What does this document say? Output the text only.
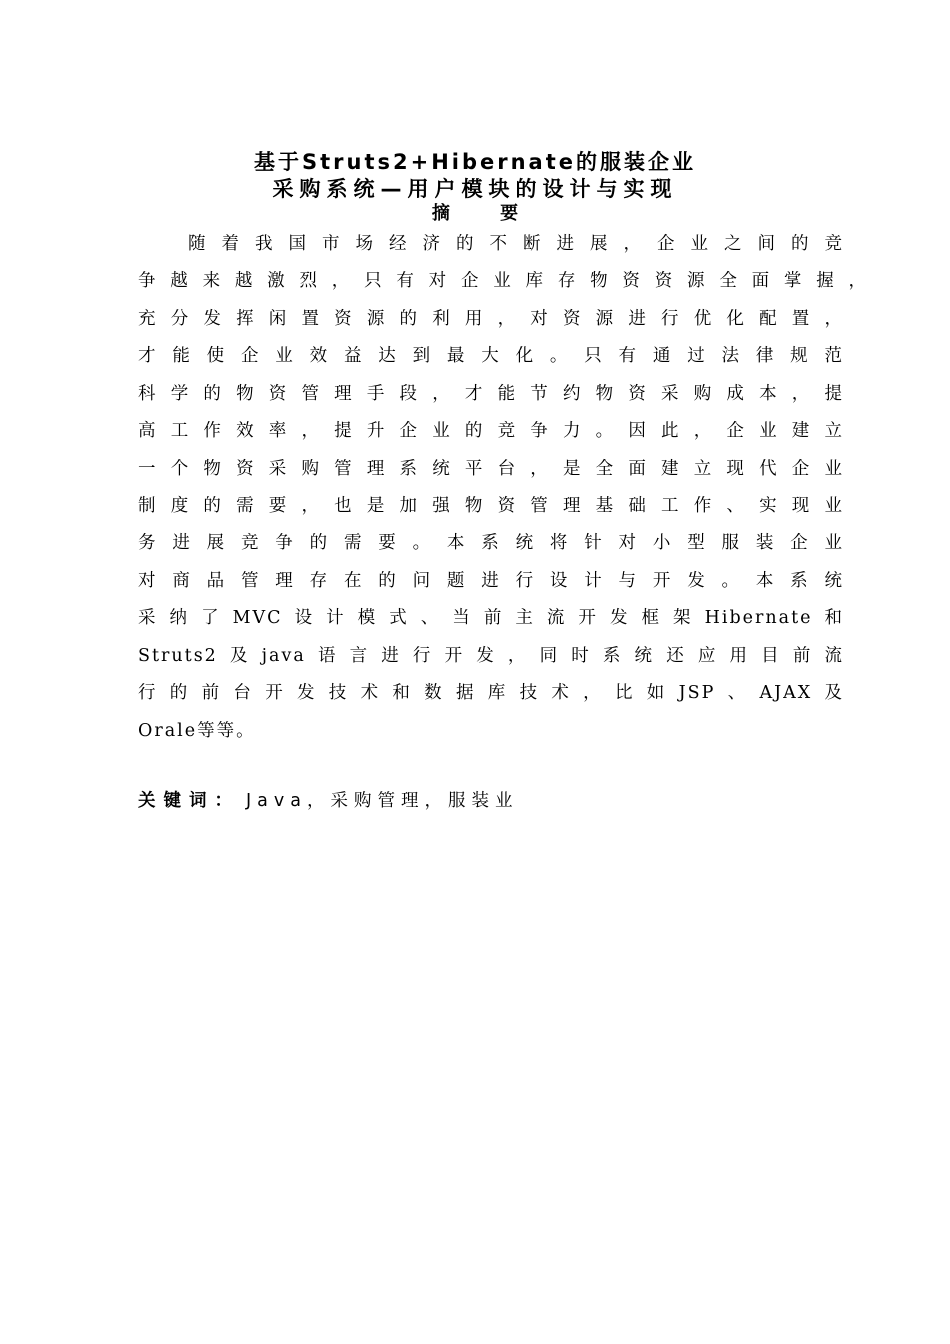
基于Struts2+Hibernate的服装企业
采购系统—用户模块的设计与实现
摘 要
随着我国市场经济的不断进展，企业之间的竞
争越来越激烈，只有对企业库存物资资源全面掌握，
充分发挥闲置资源的利用，对资源进行优化配置，
才能使企业效益达到最大化。只有通过法律规范
科学的物资管理手段，才能节约物资采购成本，提
高工作效率，提升企业的竞争力。因此，企业建立
一个物资采购管理系统平台，是全面建立现代企业
制度的需要，也是加强物资管理基础工作、实现业
务进展竞争的需要。本系统将针对小型服装企业
对商品管理存在的问题进行设计与开发。本系统
采纳了MVC设计模式、当前主流开发框架Hibernate和
Struts2及java语言进行开发，同时系统还应用目前流
行的前台开发技术和数据库技术，比如JSP、AJAX及
Orale等等。
关键词： Java，采购管理，服装业
